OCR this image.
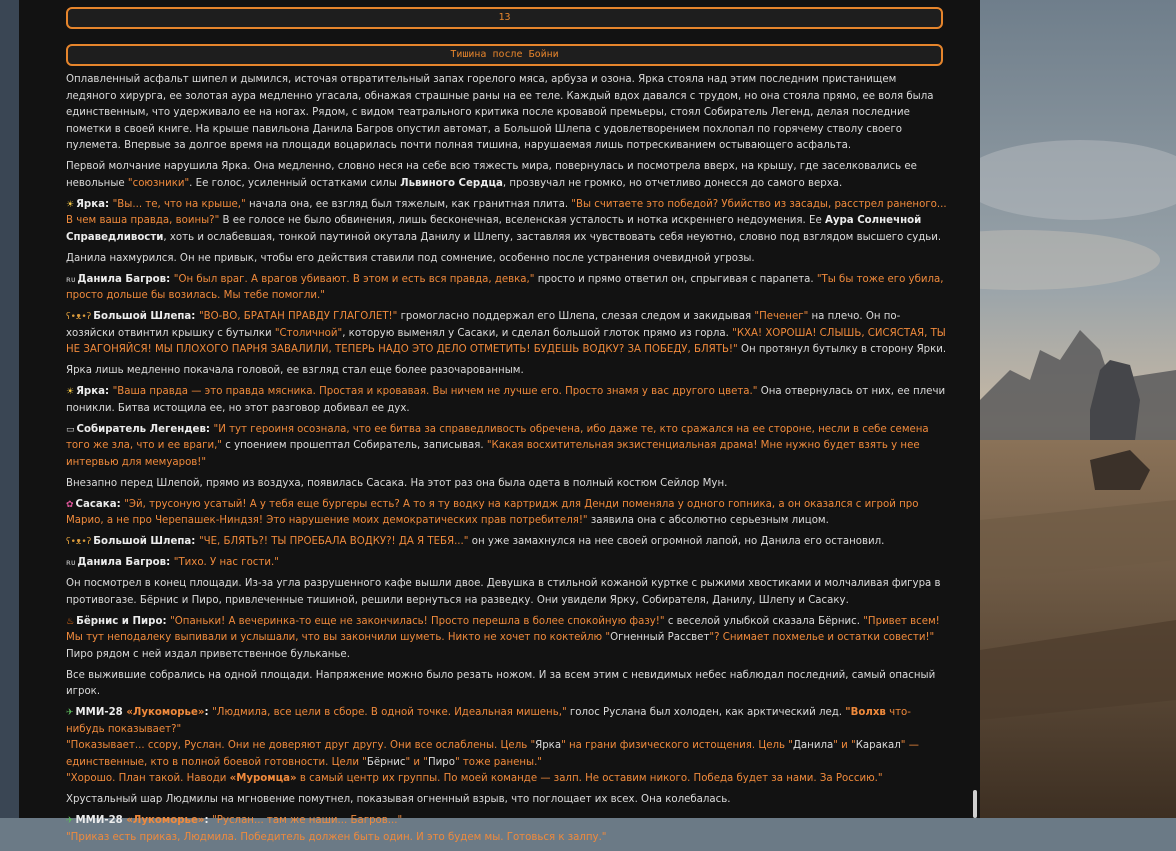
13
Тишина после Бойни

Оплавленный асфальт шипел и дымился, источая отвратительный запах горелого мяса, арбуза и озона. Ярка стояла над этим последним пристанищем ледяного хирурга, ее золотая аура медленно угасала, обнажая страшные раны на ее теле. Каждый вдох давался с трудом, но она стояла прямо, ее воля была единственным, что удерживало ее на ногах. Рядом, с видом театрального критика после кровавой премьеры, стоял Собиратель Легенд, делая последние пометки в своей книге. На крыше павильона Данила Багров опустил автомат, а Большой Шлепа с удовлетворением похлопал по горячему стволу своего пулемета. Впервые за долгое время на площади воцарилась почти полная тишина, нарушаемая лишь потрескиванием остывающего асфальта.

Первой молчание нарушила Ярка. Она медленно, словно неся на себе всю тяжесть мира, повернулась и посмотрела вверх, на крышу, где заселковались ее невольные "союзники". Ее голос, усиленный остатками силы Львиного Сердца, прозвучал не громко, но отчетливо донесся до самого верха.

☀ Ярка: "Вы... те, что на крыше," начала она, ее взгляд был тяжелым, как гранитная плита. "Вы считаете это победой? Убийство из засады, расстрел раненого... В чем ваша правда, воины?" В ее голосе не было обвинения, лишь бесконечная, вселенская усталость и нотка искреннего недоумения. Ее Аура Солнечной Справедливости, хоть и ослабевшая, тонкой паутиной окутала Данилу и Шлепу, заставляя их чувствовать себя неуютно, словно под взглядом высшего судьи.

Данила нахмурился. Он не привык, чтобы его действия ставили под сомнение, особенно после устранения очевидной угрозы.

ʀᴜ Данила Багров: "Он был враг. А врагов убивают. В этом и есть вся правда, девка," просто и прямо ответил он, спрыгивая с парапета. "Ты бы тоже его убила, просто дольше бы возилась. Мы тебе помогли."

ʕ•ᴥ•ʔ Большой Шлепа: "ВО-ВО, БРАТАН ПРАВДУ ГЛАГОЛЕТ!" громогласно поддержал его Шлепа, слезая следом и закидывая "Печенег" на плечо. Он по-хозяйски отвинтил крышку с бутылки "Столичной", которую выменял у Сасаки, и сделал большой глоток прямо из горла. "КХА! ХОРОША! СЛЫШЬ, СИСЯСТАЯ, ТЫ НЕ ЗАГОНЯЙСЯ! МЫ ПЛОХОГО ПАРНЯ ЗАВАЛИЛИ, ТЕПЕРЬ НАДО ЭТО ДЕЛО ОТМЕТИТЬ! БУДЕШЬ ВОДКУ? ЗА ПОБЕДУ, БЛЯТЬ!" Он протянул бутылку в сторону Ярки.

Ярка лишь медленно покачала головой, ее взгляд стал еще более разочарованным.

☀ Ярка: "Ваша правда — это правда мясника. Простая и кровавая. Вы ничем не лучше его. Просто знамя у вас другого цвета." Она отвернулась от них, ее плечи поникли. Битва истощила ее, но этот разговор добивал ее дух.

▭ Собиратель Легендев: "И тут героиня осознала, что ее битва за справедливость обречена, ибо даже те, кто сражался на ее стороне, несли в себе семена того же зла, что и ее враги," с упоением прошептал Собиратель, записывая. "Какая восхитительная экзистенциальная драма! Мне нужно будет взять у нее интервью для мемуаров!"

Внезапно перед Шлепой, прямо из воздуха, появилась Сасака. На этот раз она была одета в полный костюм Сейлор Мун.

✿ Сасака: "Эй, трусоную усатый! А у тебя еще бургеры есть? А то я ту водку на картридж для Денди поменяла у одного гопника, а он оказался с игрой про Марио, а не про Черепашек-Ниндзя! Это нарушение моих демократических прав потребителя!" заявила она с абсолютно серьезным лицом.

ʕ•ᴥ•ʔ Большой Шлепа: "ЧЕ, БЛЯТЬ?! ТЫ ПРОЕБАЛА ВОДКУ?! ДА Я ТЕБЯ..." он уже замахнулся на нее своей огромной лапой, но Данила его остановил.

ʀᴜ Данила Багров: "Тихо. У нас гости."

Он посмотрел в конец площади. Из-за угла разрушенного кафе вышли двое. Девушка в стильной кожаной куртке с рыжими хвостиками и молчаливая фигура в противогазе. Бёрнис и Пиро, привлеченные тишиной, решили вернуться на разведку. Они увидели Ярку, Собирателя, Данилу, Шлепу и Сасаку.

♨ Бёрнис и Пиро: "Опаньки! А вечеринка-то еще не закончилась! Просто перешла в более спокойную фазу!" с веселой улыбкой сказала Бёрнис. "Привет всем! Мы тут неподалеку выпивали и услышали, что вы закончили шуметь. Никто не хочет по коктейлю "Огненный Рассвет"? Снимает похмелье и остатки совести!" Пиро рядом с ней издал приветственное бульканье.

Все выжившие собрались на одной площади. Напряжение можно было резать ножом. И за всем этим с невидимых небес наблюдал последний, самый опасный игрок.

✈ ММИ-28 «Лукоморье»: "Людмила, все цели в сборе. В одной точке. Идеальная мишень," голос Руслана был холоден, как арктический лед. "Волхв что-нибудь показывает?"
"Показывает... ссору, Руслан. Они не доверяют друг другу. Они все ослаблены. Цель "Ярка" на грани физического истощения. Цель "Данила" и "Каракал" — единственные, кто в полной боевой готовности. Цели "Бёрнис" и "Пиро" тоже ранены."
"Хорошо. План такой. Наводи «Муромца» в самый центр их группы. По моей команде — залп. Не оставим никого. Победа будет за нами. За Россию."

Хрустальный шар Людмилы на мгновение помутнел, показывая огненный взрыв, что поглощает их всех. Она колебалась.

✈ ММИ-28 «Лукоморье»: "Руслан... там же наши... Багров..."
"Приказ есть приказ, Людмила. Победитель должен быть один. И это будем мы. Готовься к залпу."
